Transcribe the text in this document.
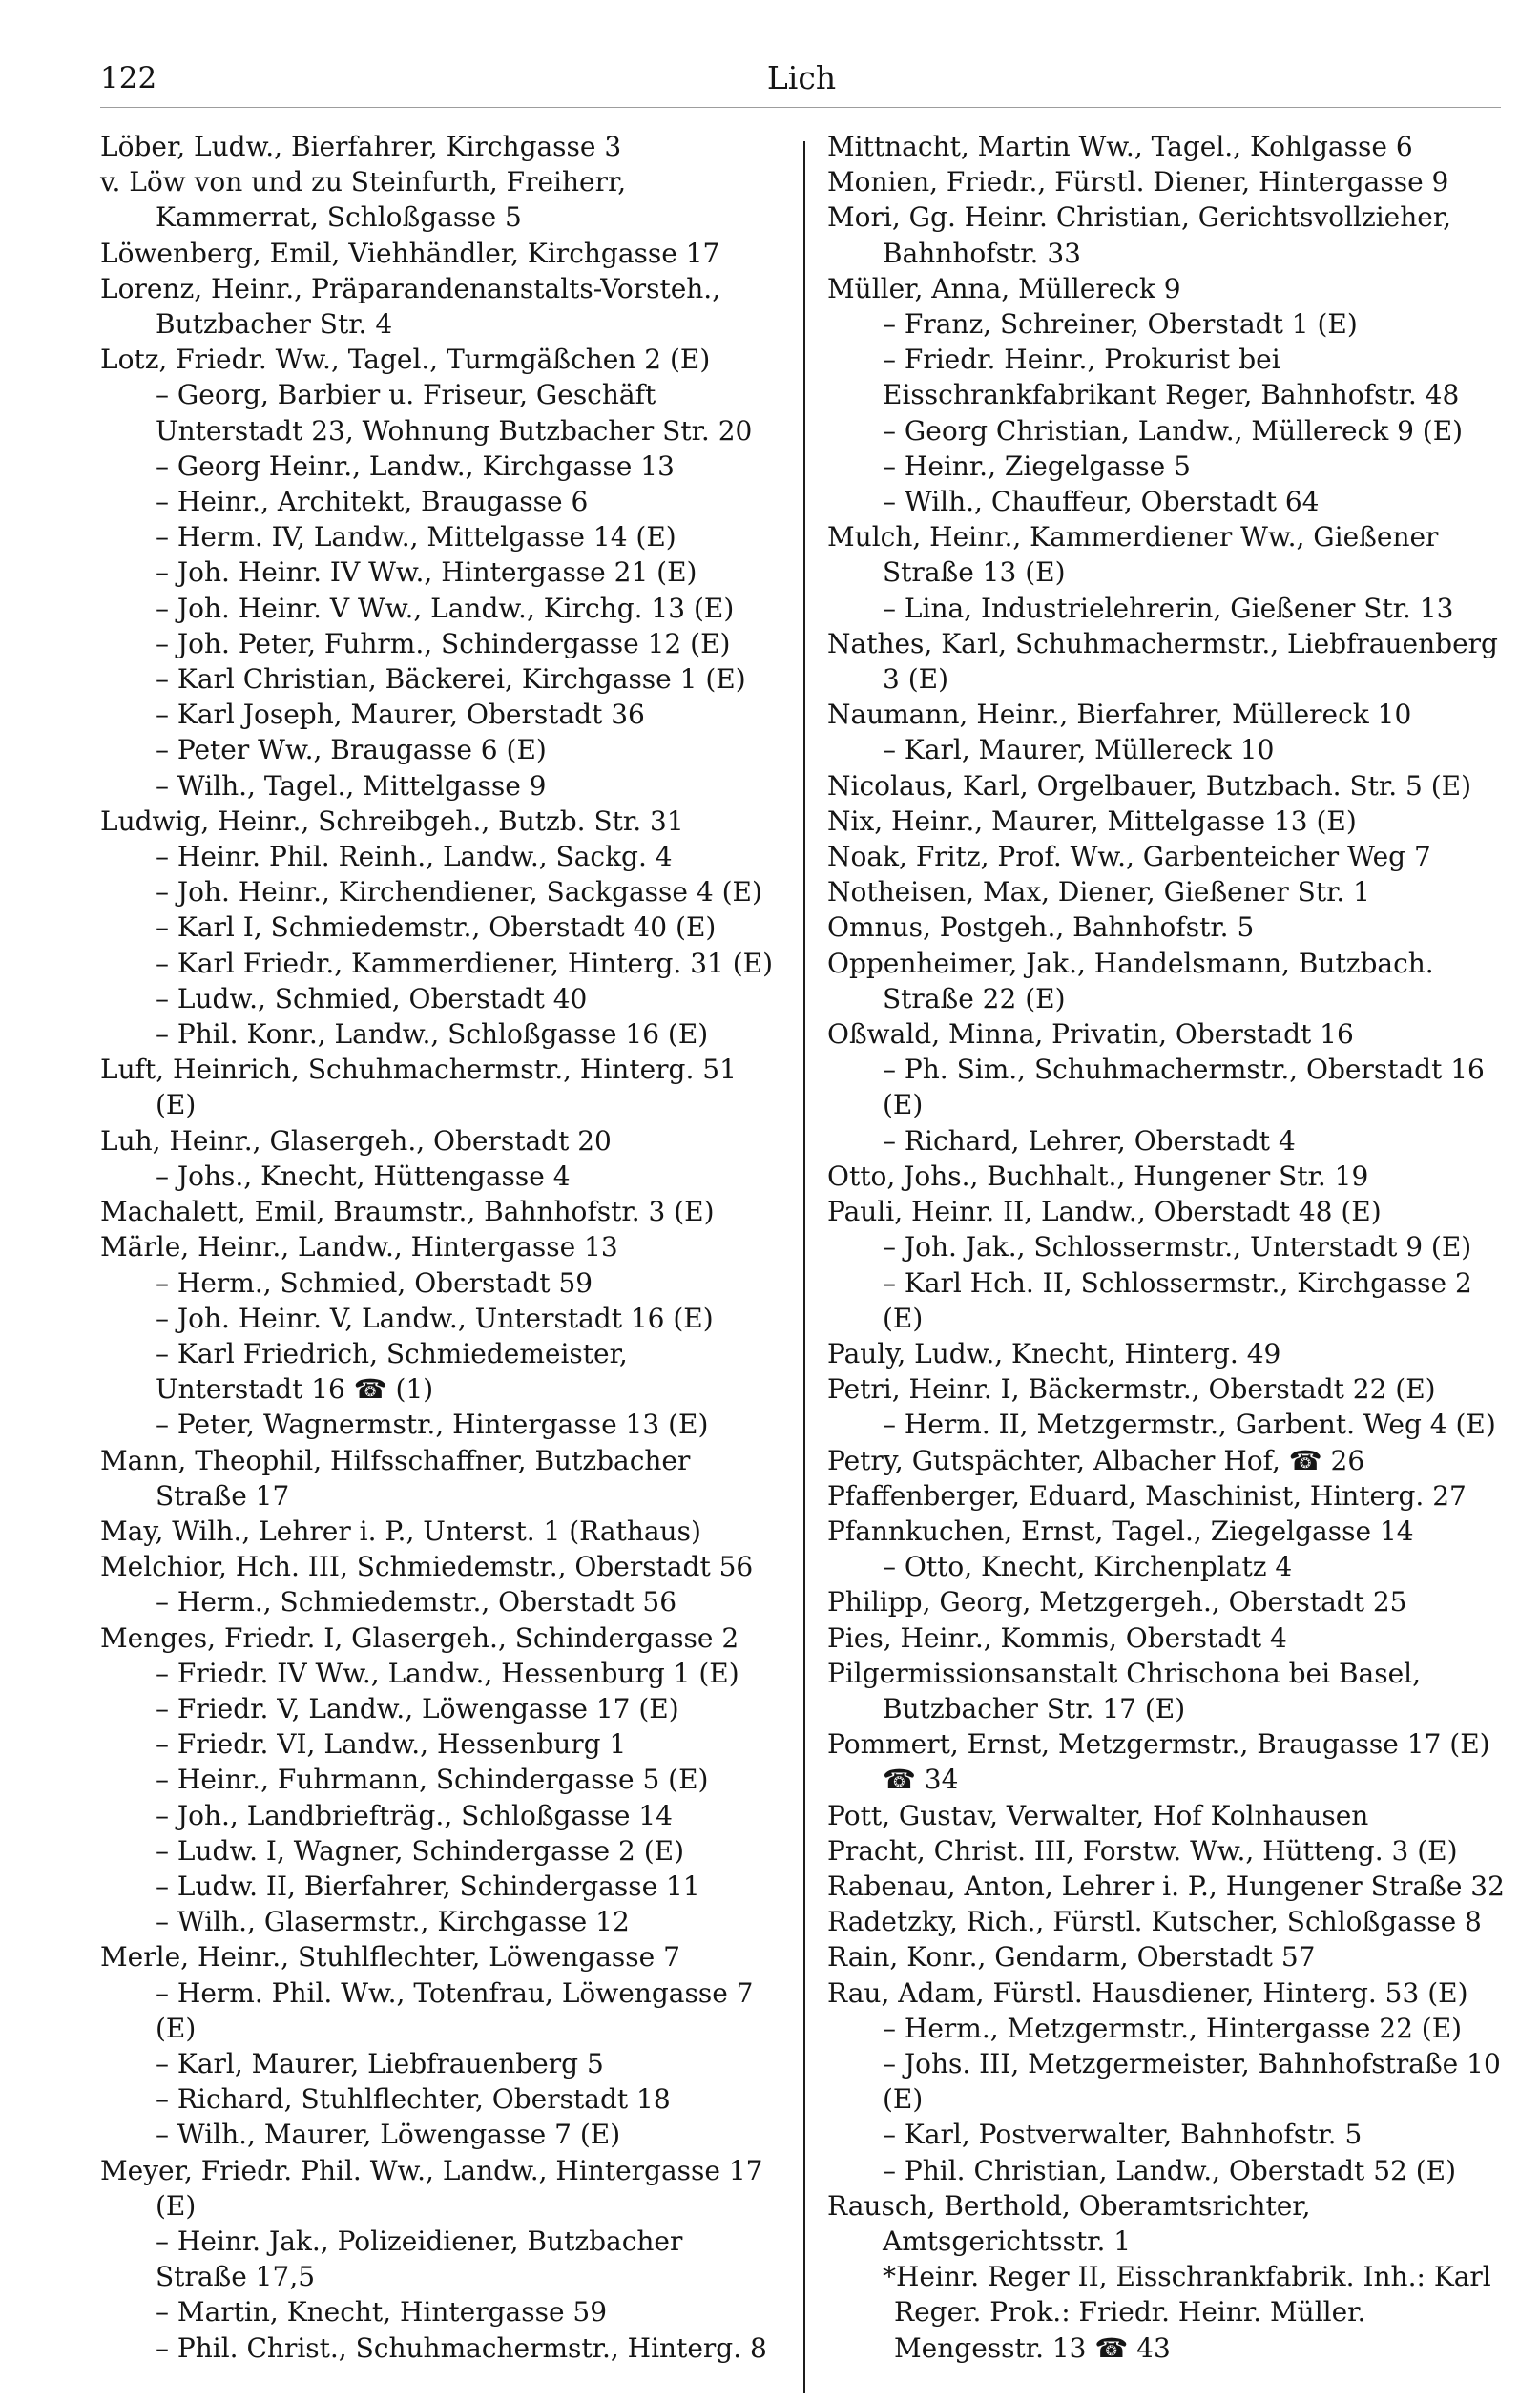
122	Lich
Löber, Ludw., Bierfahrer, Kirchgasse 3
v. Löw von und zu Steinfurth, Freiherr, Kammerrat, Schloßgasse 5
Löwenberg, Emil, Viehhändler, Kirchgasse 17
Lorenz, Heinr., Präparandenanstalts-Vorsteh., Butzbacher Str. 4
Lotz, Friedr. Ww., Tagel., Turmgäßchen 2 (E)
– Georg, Barbier u. Friseur, Geschäft Unterstadt 23, Wohnung Butzbacher Str. 20
– Georg Heinr., Landw., Kirchgasse 13
– Heinr., Architekt, Braugasse 6
– Herm. IV, Landw., Mittelgasse 14 (E)
– Joh. Heinr. IV Ww., Hintergasse 21 (E)
– Joh. Heinr. V Ww., Landw., Kirchg. 13 (E)
– Joh. Peter, Fuhrm., Schindergasse 12 (E)
– Karl Christian, Bäckerei, Kirchgasse 1 (E)
– Karl Joseph, Maurer, Oberstadt 36
– Peter Ww., Braugasse 6 (E)
– Wilh., Tagel., Mittelgasse 9
Ludwig, Heinr., Schreibgeh., Butzb. Str. 31
– Heinr. Phil. Reinh., Landw., Sackg. 4
– Joh. Heinr., Kirchendiener, Sackgasse 4 (E)
– Karl I, Schmiedemstr., Oberstadt 40 (E)
– Karl Friedr., Kammerdiener, Hinterg. 31 (E)
– Ludw., Schmied, Oberstadt 40
– Phil. Konr., Landw., Schloßgasse 16 (E)
Luft, Heinrich, Schuhmachermstr., Hinterg. 51 (E)
Luh, Heinr., Glasergeh., Oberstadt 20
– Johs., Knecht, Hüttengasse 4
Machalett, Emil, Braumstr., Bahnhofstr. 3 (E)
Märle, Heinr., Landw., Hintergasse 13
– Herm., Schmied, Oberstadt 59
– Joh. Heinr. V, Landw., Unterstadt 16 (E)
– Karl Friedrich, Schmiedemeister, Unterstadt 16 ☎ (1)
– Peter, Wagnermstr., Hintergasse 13 (E)
Mann, Theophil, Hilfsschaffner, Butzbacher Straße 17
May, Wilh., Lehrer i. P., Unterst. 1 (Rathaus)
Melchior, Hch. III, Schmiedemstr., Oberstadt 56
– Herm., Schmiedemstr., Oberstadt 56
Menges, Friedr. I, Glasergeh., Schindergasse 2
– Friedr. IV Ww., Landw., Hessenburg 1 (E)
– Friedr. V, Landw., Löwengasse 17 (E)
– Friedr. VI, Landw., Hessenburg 1
– Heinr., Fuhrmann, Schindergasse 5 (E)
– Joh., Landbriefträg., Schloßgasse 14
– Ludw. I, Wagner, Schindergasse 2 (E)
– Ludw. II, Bierfahrer, Schindergasse 11
– Wilh., Glasermstr., Kirchgasse 12
Merle, Heinr., Stuhlflechter, Löwengasse 7
– Herm. Phil. Ww., Totenfrau, Löwengasse 7 (E)
– Karl, Maurer, Liebfrauenberg 5
– Richard, Stuhlflechter, Oberstadt 18
– Wilh., Maurer, Löwengasse 7 (E)
Meyer, Friedr. Phil. Ww., Landw., Hintergasse 17 (E)
– Heinr. Jak., Polizeidiener, Butzbacher Straße 17,5
– Martin, Knecht, Hintergasse 59
– Phil. Christ., Schuhmachermstr., Hinterg. 8
Mittnacht, Martin Ww., Tagel., Kohlgasse 6
Monien, Friedr., Fürstl. Diener, Hintergasse 9
Mori, Gg. Heinr. Christian, Gerichtsvollzieher, Bahnhofstr. 33
Müller, Anna, Müllereck 9
– Franz, Schreiner, Oberstadt 1 (E)
– Friedr. Heinr., Prokurist bei Eisschrankfabrikant Reger, Bahnhofstr. 48
– Georg Christian, Landw., Müllereck 9 (E)
– Heinr., Ziegelgasse 5
– Wilh., Chauffeur, Oberstadt 64
Mulch, Heinr., Kammerdiener Ww., Gießener Straße 13 (E)
– Lina, Industrielehrerin, Gießener Str. 13
Nathes, Karl, Schuhmachermstr., Liebfrauenberg 3 (E)
Naumann, Heinr., Bierfahrer, Müllereck 10
– Karl, Maurer, Müllereck 10
Nicolaus, Karl, Orgelbauer, Butzbach. Str. 5 (E)
Nix, Heinr., Maurer, Mittelgasse 13 (E)
Noak, Fritz, Prof. Ww., Garbenteicher Weg 7
Notheisen, Max, Diener, Gießener Str. 1
Omnus, Postgeh., Bahnhofstr. 5
Oppenheimer, Jak., Handelsmann, Butzbach. Straße 22 (E)
Oßwald, Minna, Privatin, Oberstadt 16
– Ph. Sim., Schuhmachermstr., Oberstadt 16 (E)
– Richard, Lehrer, Oberstadt 4
Otto, Johs., Buchhalt., Hungener Str. 19
Pauli, Heinr. II, Landw., Oberstadt 48 (E)
– Joh. Jak., Schlossermstr., Unterstadt 9 (E)
– Karl Hch. II, Schlossermstr., Kirchgasse 2 (E)
Pauly, Ludw., Knecht, Hinterg. 49
Petri, Heinr. I, Bäckermstr., Oberstadt 22 (E)
– Herm. II, Metzgermstr., Garbent. Weg 4 (E)
Petry, Gutspächter, Albacher Hof, ☎ 26
Pfaffenberger, Eduard, Maschinist, Hinterg. 27
Pfannkuchen, Ernst, Tagel., Ziegelgasse 14
– Otto, Knecht, Kirchenplatz 4
Philipp, Georg, Metzgergeh., Oberstadt 25
Pies, Heinr., Kommis, Oberstadt 4
Pilgermissionsanstalt Chrischona bei Basel, Butzbacher Str. 17 (E)
Pommert, Ernst, Metzgermstr., Braugasse 17 (E) ☎ 34
Pott, Gustav, Verwalter, Hof Kolnhausen
Pracht, Christ. III, Forstw. Ww., Hütteng. 3 (E)
Rabenau, Anton, Lehrer i. P., Hungener Straße 32
Radetzky, Rich., Fürstl. Kutscher, Schloßgasse 8
Rain, Konr., Gendarm, Oberstadt 57
Rau, Adam, Fürstl. Hausdiener, Hinterg. 53 (E)
– Herm., Metzgermstr., Hintergasse 22 (E)
– Johs. III, Metzgermeister, Bahnhofstraße 10 (E)
– Karl, Postverwalter, Bahnhofstr. 5
– Phil. Christian, Landw., Oberstadt 52 (E)
Rausch, Berthold, Oberamtsrichter, Amtsgerichtsstr. 1
*Heinr. Reger II, Eisschrankfabrik. Inh.: Karl Reger. Prok.: Friedr. Heinr. Müller. Mengesstr. 13 ☎ 43
